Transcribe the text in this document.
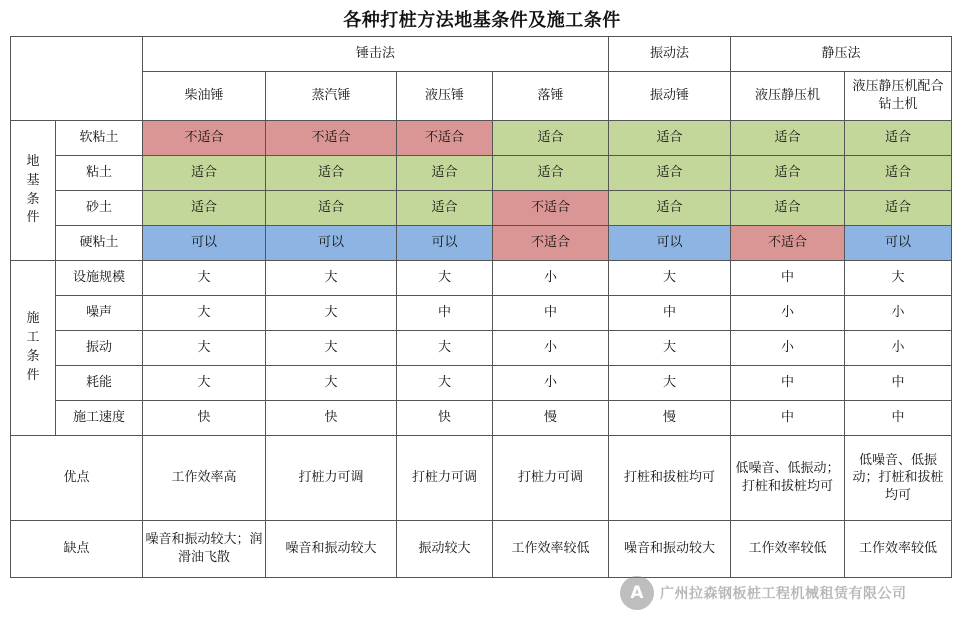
各种打桩方法地基条件及施工条件
		锤击法				振动法	静压法	
		柴油锤	蒸汽锤	液压锤	落锤	振动锤	液压静压机	液压静压机配合钻土机

地
基
条
件	软粘土	不适合	不适合	不适合	适合	适合	适合	适合
	粘土	适合	适合	适合	适合	适合	适合	适合
	砂土	适合	适合	适合	不适合	适合	适合	适合
	硬粘土	可以	可以	可以	不适合	可以	不适合	可以

施
工
条
件	设施规模	大	大	大	小	大	中	大
	噪声	大	大	中	中	中	小	小
	振动	大	大	大	小	大	小	小
	耗能	大	大	大	小	大	中	中
	施工速度	快	快	快	慢	慢	中	中
优点		工作效率高	打桩力可调	打桩力可调	打桩力可调	打桩和拔桩均可	低噪音、低振动；打桩和拔桩均可	低噪音、低振动；打桩和拔桩均可
缺点		噪音和振动较大；润滑油飞散	噪音和振动较大	振动较大	工作效率较低	噪音和振动较大	工作效率较低	工作效率较低
A 广州拉森钢板桩工程机械租赁有限公司
